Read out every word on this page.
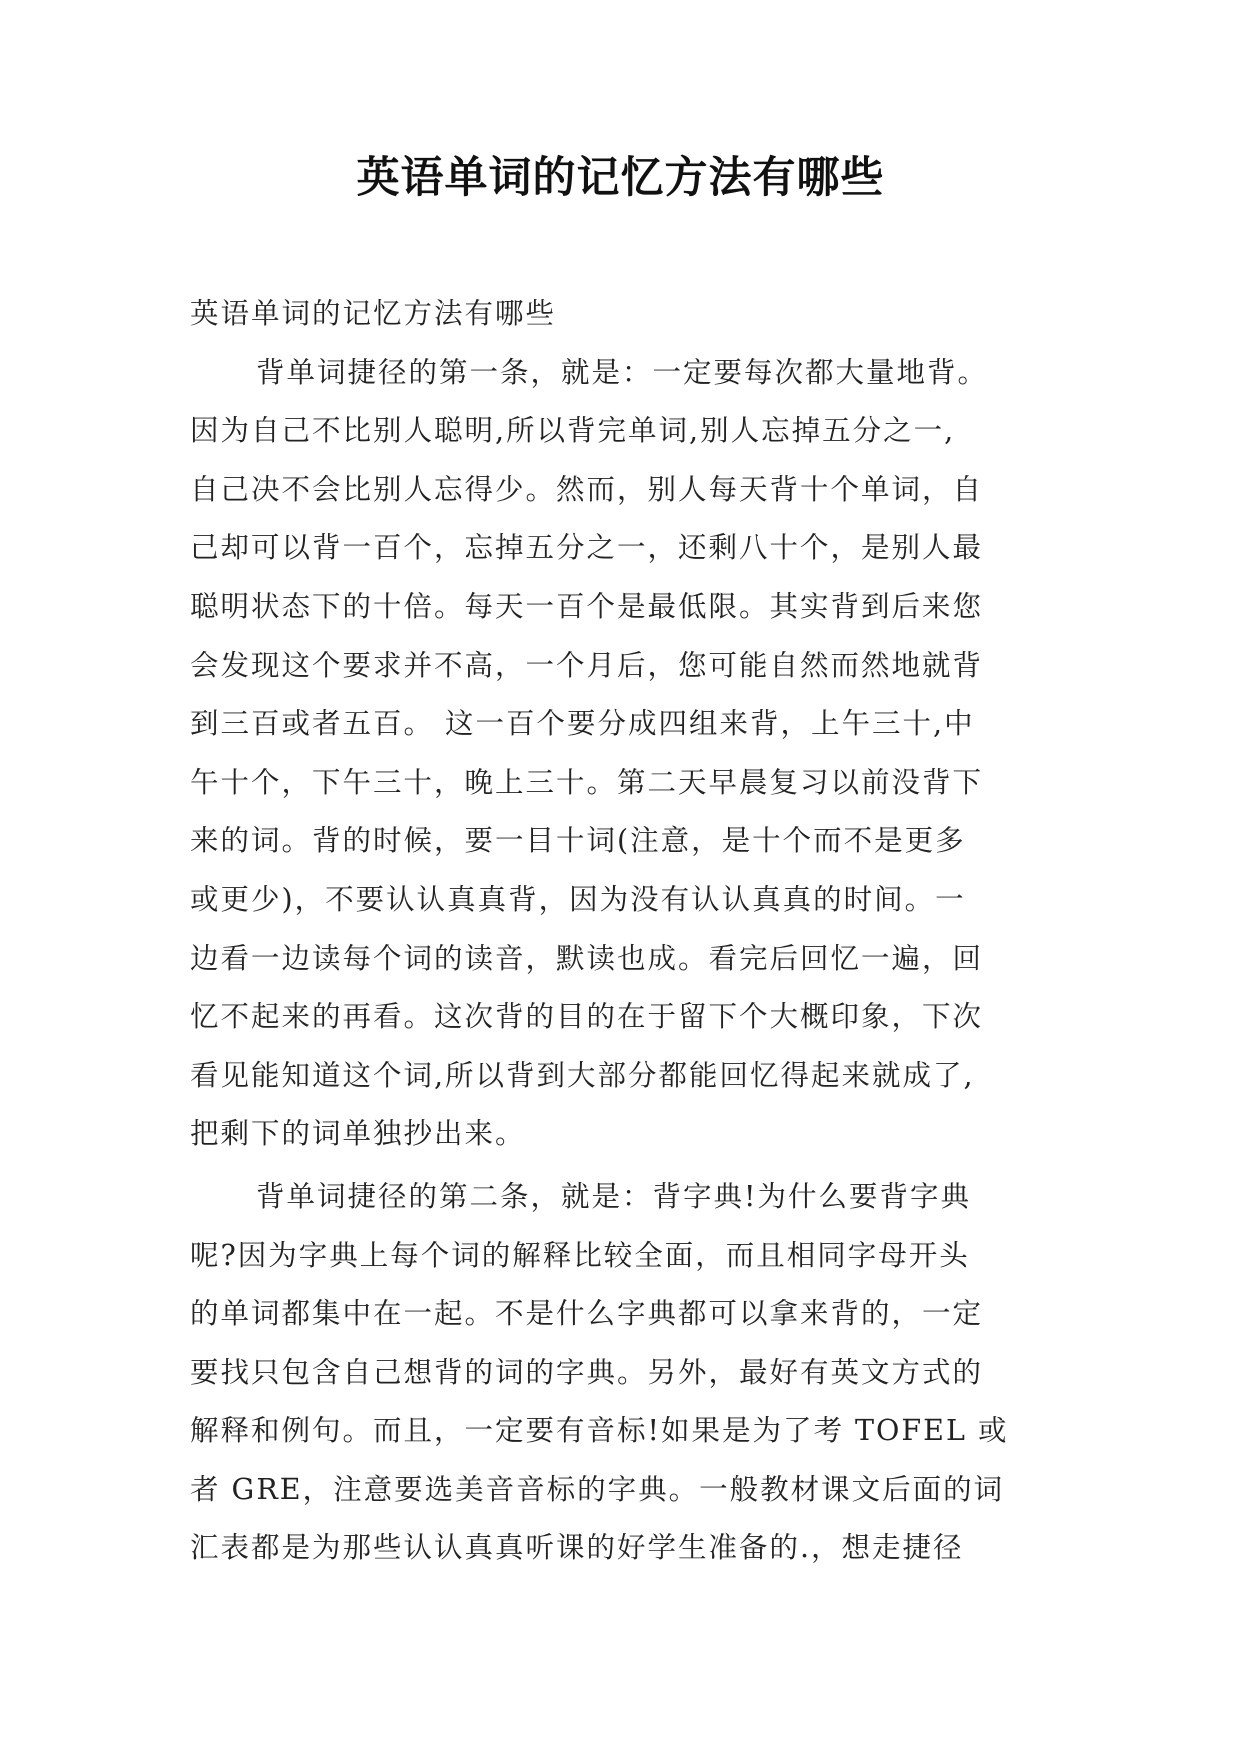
英语单词的记忆方法有哪些
英语单词的记忆方法有哪些
背单词捷径的第一条，就是：一定要每次都大量地背。
因为自己不比别人聪明,所以背完单词,别人忘掉五分之一,
自己决不会比别人忘得少。然而，别人每天背十个单词，自
己却可以背一百个，忘掉五分之一，还剩八十个，是别人最
聪明状态下的十倍。每天一百个是最低限。其实背到后来您
会发现这个要求并不高，一个月后，您可能自然而然地就背
到三百或者五百。 这一百个要分成四组来背，上午三十,中
午十个，下午三十，晚上三十。第二天早晨复习以前没背下
来的词。背的时候，要一目十词(注意，是十个而不是更多
或更少)，不要认认真真背，因为没有认认真真的时间。一
边看一边读每个词的读音，默读也成。看完后回忆一遍，回
忆不起来的再看。这次背的目的在于留下个大概印象，下次
看见能知道这个词,所以背到大部分都能回忆得起来就成了,
把剩下的词单独抄出来。
背单词捷径的第二条，就是：背字典!为什么要背字典
呢?因为字典上每个词的解释比较全面，而且相同字母开头
的单词都集中在一起。不是什么字典都可以拿来背的，一定
要找只包含自己想背的词的字典。另外，最好有英文方式的
解释和例句。而且，一定要有音标!如果是为了考 TOFEL 或
者 GRE，注意要选美音音标的字典。一般教材课文后面的词
汇表都是为那些认认真真听课的好学生准备的.，想走捷径
